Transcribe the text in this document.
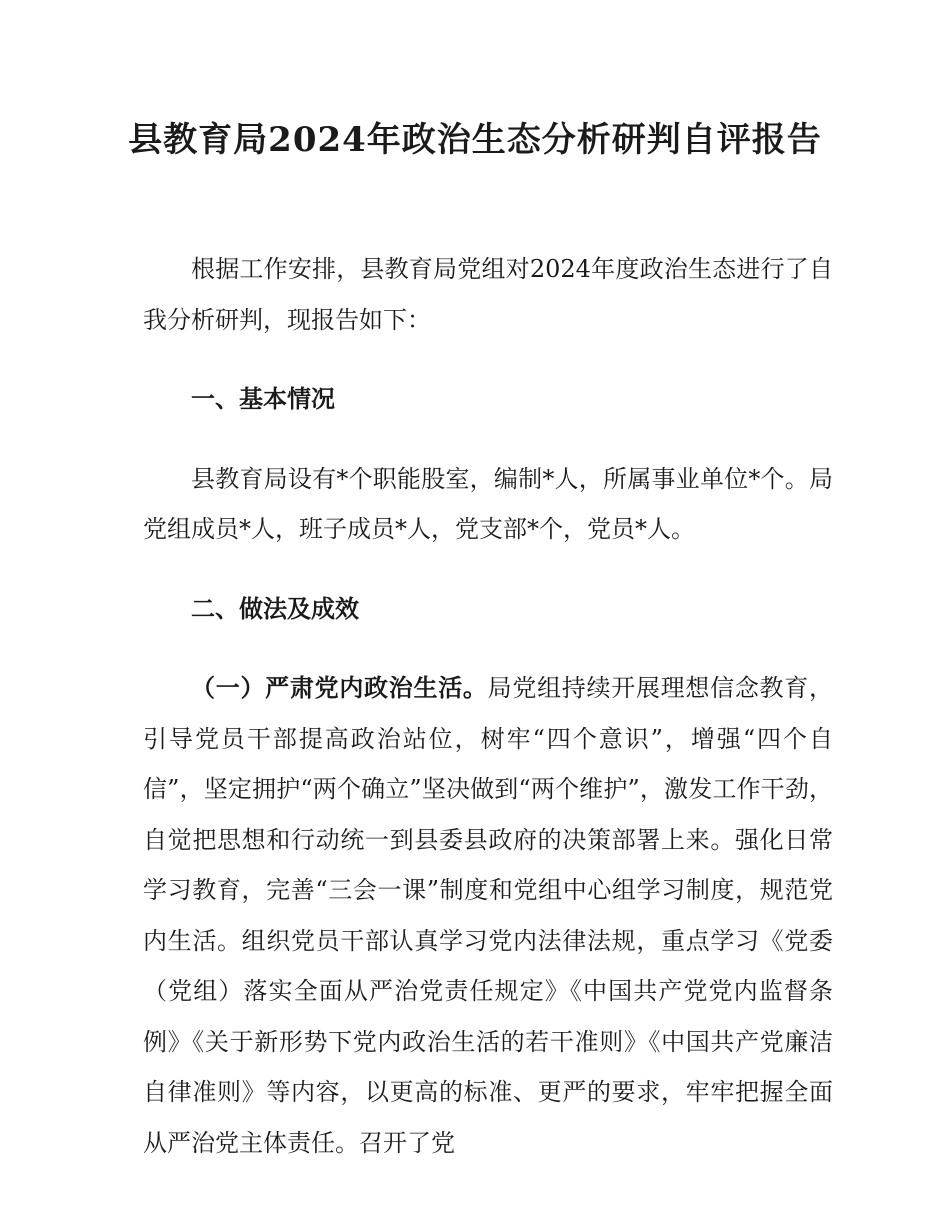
县教育局2024年政治生态分析研判自评报告

根据工作安排，县教育局党组对2024年度政治生态进行了自我分析研判，现报告如下：

一、基本情况

县教育局设有*个职能股室，编制*人，所属事业单位*个。局党组成员*人，班子成员*人，党支部*个，党员*人。

二、做法及成效

（一）严肃党内政治生活。局党组持续开展理想信念教育，引导党员干部提高政治站位，树牢“四个意识”，增强“四个自信”，坚定拥护“两个确立”坚决做到“两个维护”，激发工作干劲，自觉把思想和行动统一到县委县政府的决策部署上来。强化日常学习教育，完善“三会一课”制度和党组中心组学习制度，规范党内生活。组织党员干部认真学习党内法律法规，重点学习《党委（党组）落实全面从严治党责任规定》《中国共产党党内监督条例》《关于新形势下党内政治生活的若干准则》《中国共产党廉洁自律准则》等内容，以更高的标准、更严的要求，牢牢把握全面从严治党主体责任。召开了党
